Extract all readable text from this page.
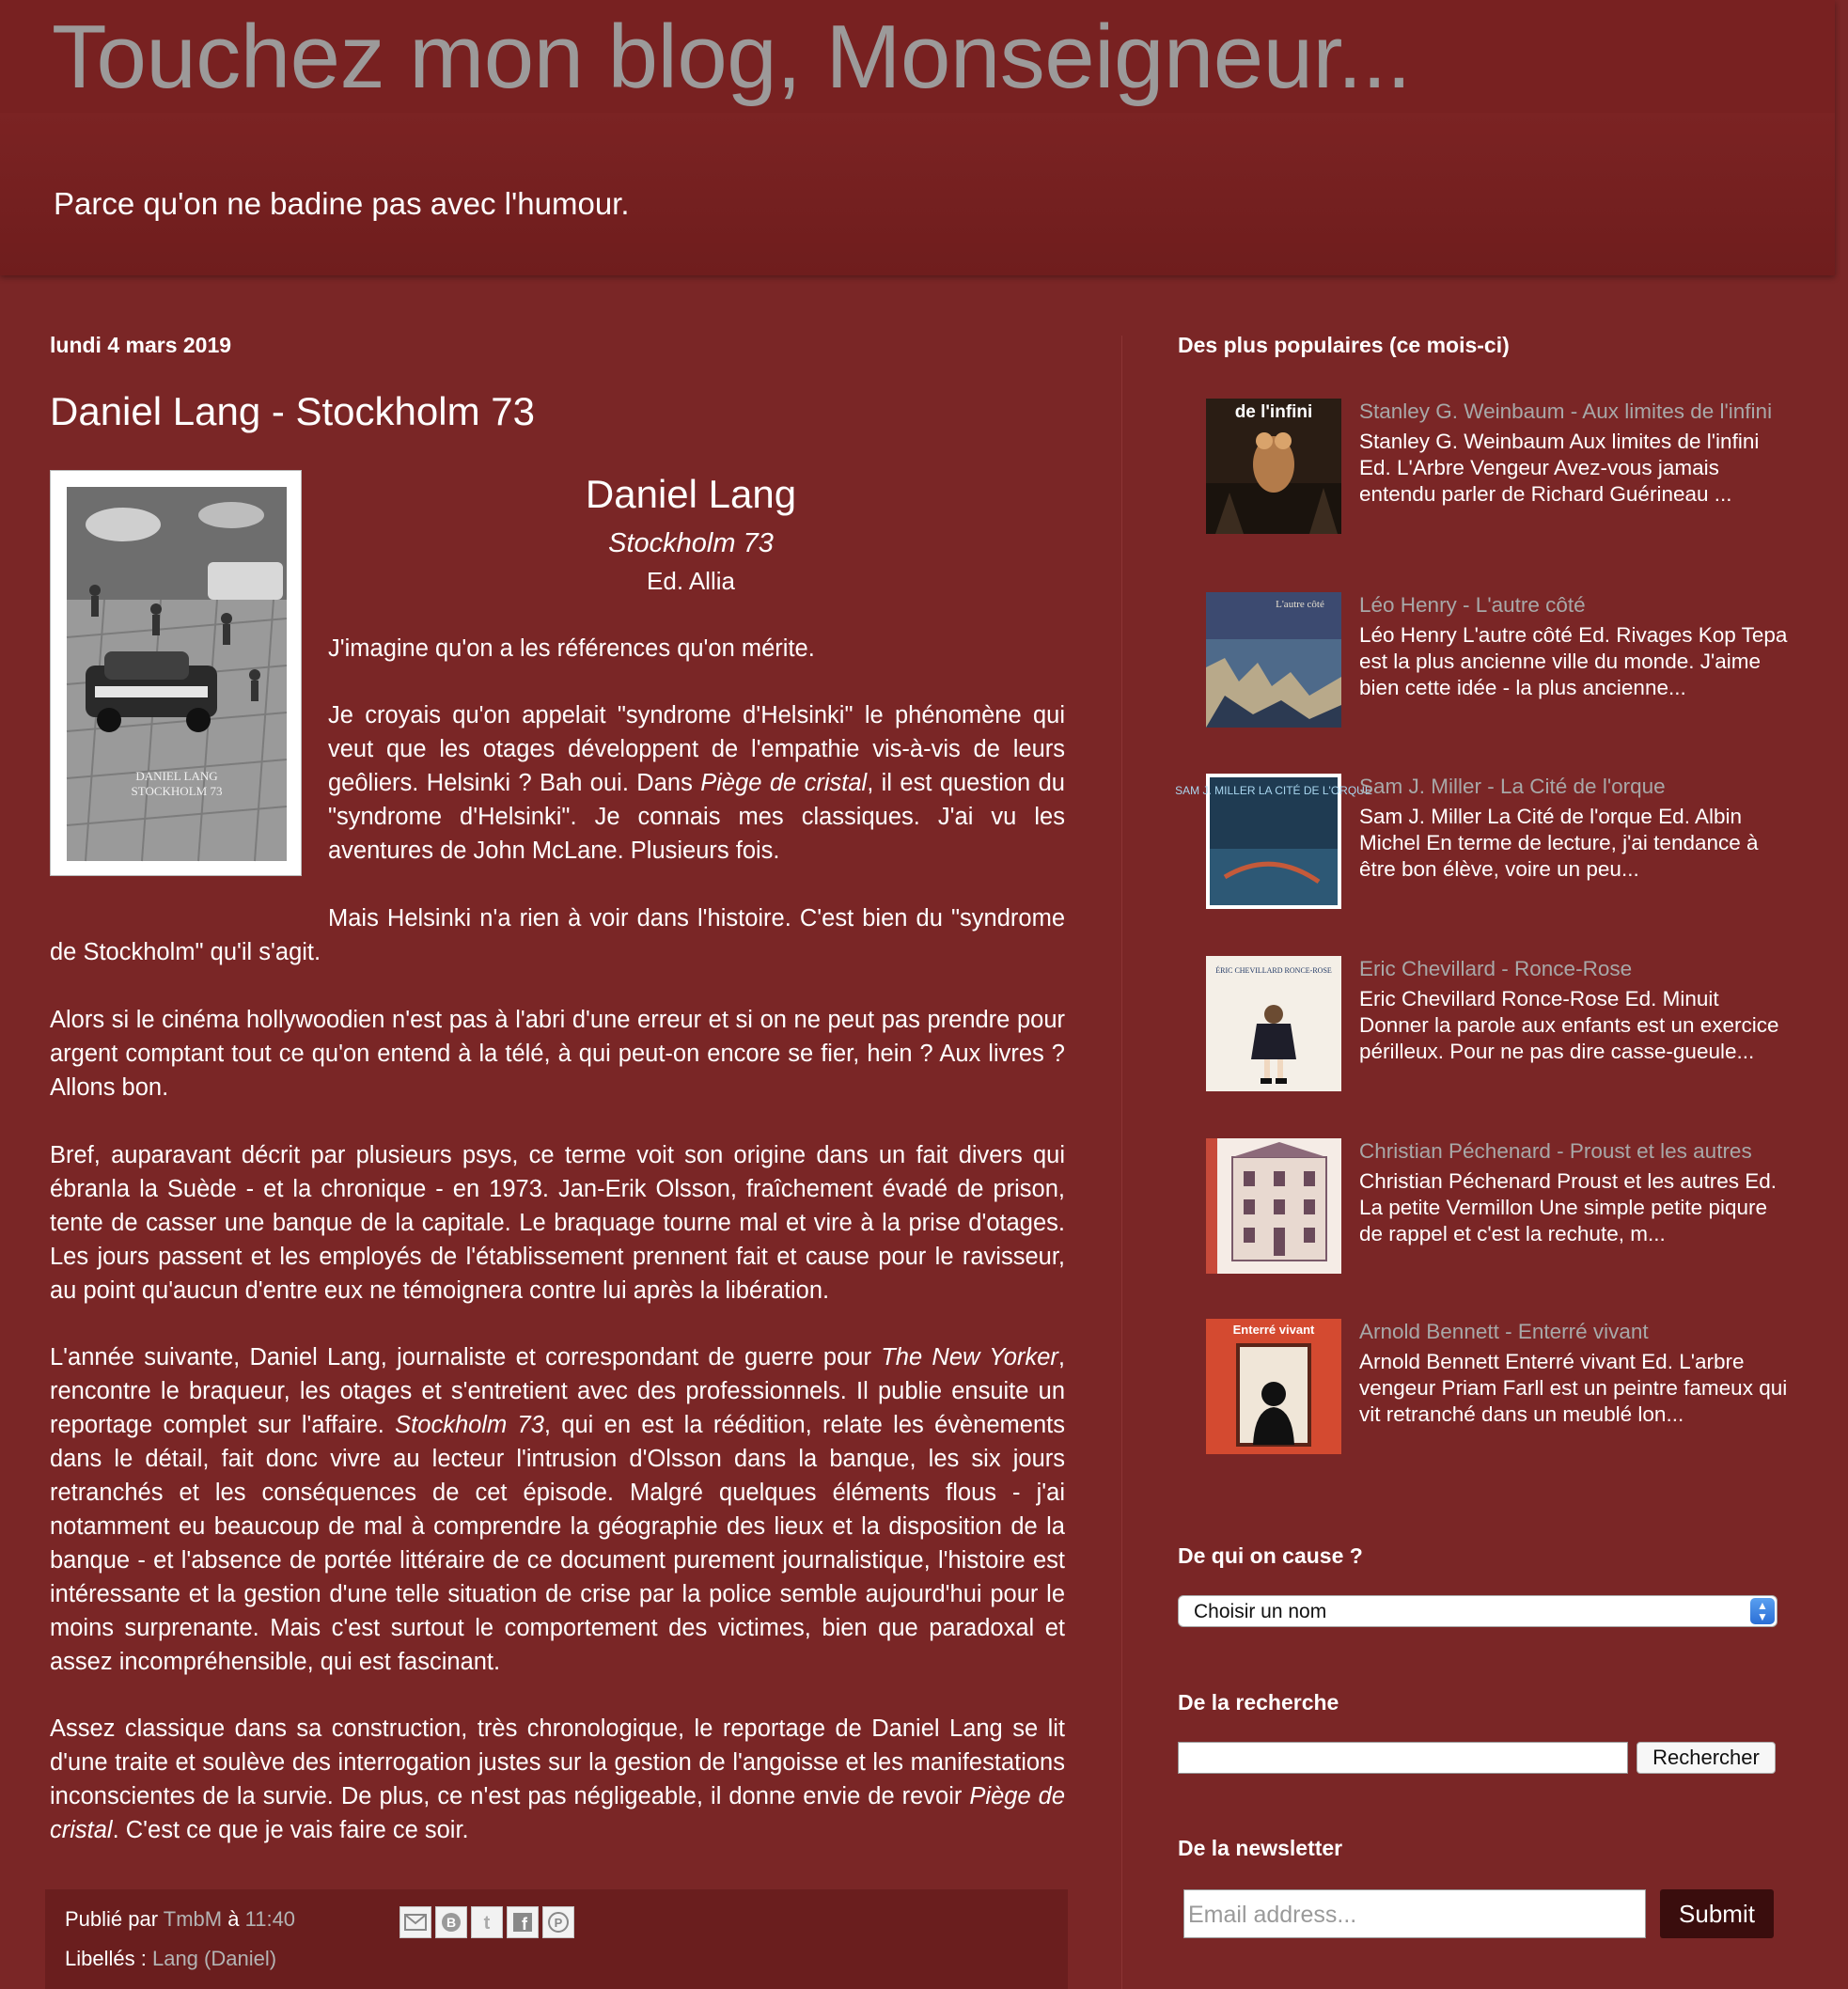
Touchez mon blog, Monseigneur...
Parce qu'on ne badine pas avec l'humour.
lundi 4 mars 2019
Daniel Lang - Stockholm 73
DANIEL LANG
STOCKHOLM 73
Daniel Lang
Stockholm 73
Ed. Allia
J'imagine qu'on a les références qu'on mérite.
Je croyais qu'on appelait "syndrome d'Helsinki" le phénomène qui veut que les otages développent de l'empathie vis-à-vis de leurs geôliers. Helsinki ? Bah oui. Dans Piège de cristal, il est question du "syndrome d'Helsinki". Je connais mes classiques. J'ai vu les aventures de John McLane. Plusieurs fois.
Mais Helsinki n'a rien à voir dans l'histoire. C'est bien du "syndrome de Stockholm" qu'il s'agit.
Alors si le cinéma hollywoodien n'est pas à l'abri d'une erreur et si on ne peut pas prendre pour argent comptant tout ce qu'on entend à la télé, à qui peut-on encore se fier, hein ? Aux livres ? Allons bon.
Bref, auparavant décrit par plusieurs psys, ce terme voit son origine dans un fait divers qui ébranla la Suède - et la chronique - en 1973. Jan-Erik Olsson, fraîchement évadé de prison, tente de casser une banque de la capitale. Le braquage tourne mal et vire à la prise d'otages. Les jours passent et les employés de l'établissement prennent fait et cause pour le ravisseur, au point qu'aucun d'entre eux ne témoignera contre lui après la libération.
L'année suivante, Daniel Lang, journaliste et correspondant de guerre pour The New Yorker, rencontre le braqueur, les otages et s'entretient avec des professionnels. Il publie ensuite un reportage complet sur l'affaire. Stockholm 73, qui en est la réédition, relate les évènements dans le détail, fait donc vivre au lecteur l'intrusion d'Olsson dans la banque, les six jours retranchés et les conséquences de cet épisode. Malgré quelques éléments flous - j'ai notamment eu beaucoup de mal à comprendre la géographie des lieux et la disposition de la banque - et l'absence de portée littéraire de ce document purement journalistique, l'histoire est intéressante et la gestion d'une telle situation de crise par la police semble aujourd'hui pour le moins surprenante. Mais c'est surtout le comportement des victimes, bien que paradoxal et assez incompréhensible, qui est fascinant.
Assez classique dans sa construction, très chronologique, le reportage de Daniel Lang se lit d'une traite et soulève des interrogation justes sur la gestion de l'angoisse et les manifestations inconscientes de la survie. De plus, ce n'est pas négligeable, il donne envie de revoir Piège de cristal. C'est ce que je vais faire ce soir.
Publié par TmbM à 11:40
Libellés : Lang (Daniel)
B t f P
Des plus populaires (ce mois-ci)
de l'infini Stanley G. Weinbaum - Aux limites de l'infini
Stanley G. Weinbaum Aux limites de l'infini Ed. L'Arbre Vengeur Avez-vous jamais entendu parler de Richard Guérineau ...
L'autre côté Léo Henry - L'autre côté
Léo Henry L'autre côté Ed. Rivages Kop Tepa est la plus ancienne ville du monde. J'aime bien cette idée - la plus ancienne...
SAM J. MILLER LA CITÉ DE L'ORQUE
Sam J. Miller - La Cité de l'orque
Sam J. Miller La Cité de l'orque Ed. Albin Michel En terme de lecture, j'ai tendance à être bon élève, voire un peu...
ÉRIC CHEVILLARD RONCE-ROSE Eric Chevillard - Ronce-Rose
Eric Chevillard Ronce-Rose Ed. Minuit Donner la parole aux enfants est un exercice périlleux. Pour ne pas dire casse-gueule...
Christian Péchenard - Proust et les autres
Christian Péchenard Proust et les autres Ed. La petite Vermillon Une simple petite piqure de rappel et c'est la rechute, m...
Enterré vivant Arnold Bennett - Enterré vivant
Arnold Bennett Enterré vivant Ed. L'arbre vengeur Priam Farll est un peintre fameux qui vit retranché dans un meublé lon...
De qui on cause ?
Choisir un nom	▲
▼
De la recherche
Rechercher
De la newsletter
Email address...	Submit
